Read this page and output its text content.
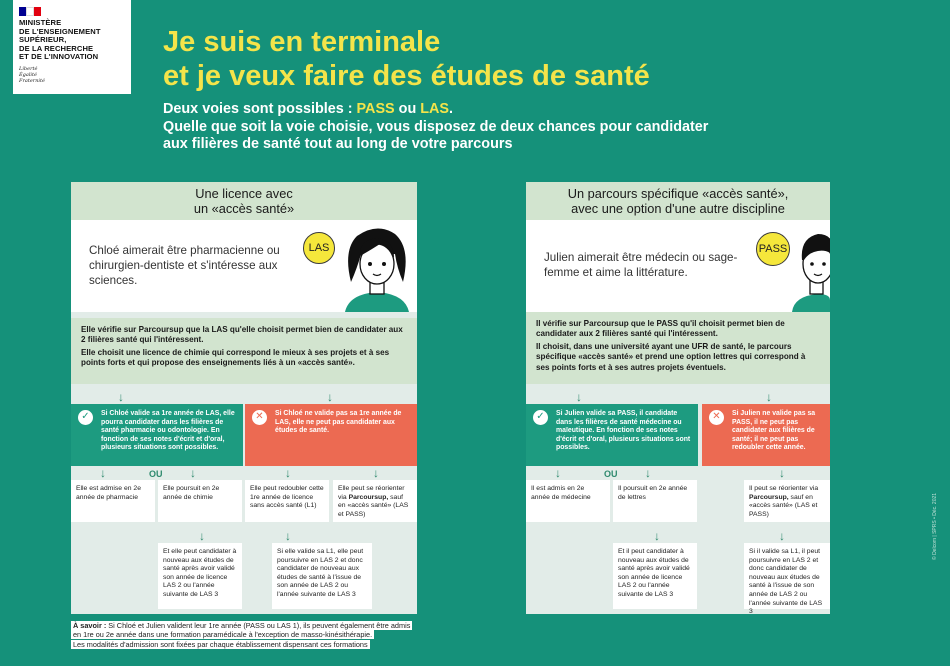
MINISTÈRE
DE L'ENSEIGNEMENT
SUPÉRIEUR,
DE LA RECHERCHE
ET DE L'INNOVATION
Liberté
Égalité
Fraternité
Je suis en terminale
et je veux faire des études de santé
Deux voies sont possibles : PASS ou LAS.
Quelle que soit la voie choisie, vous disposez de deux chances pour candidater
aux filières de santé tout au long de votre parcours
Une licence avec
un «accès santé»
Chloé aimerait être pharmacienne ou chirurgien-dentiste et s'intéresse aux sciences.
LAS

Elle vérifie sur Parcoursup que la LAS qu'elle choisit permet bien de candidater aux 2 filières santé qui l'intéressent.

Elle choisit une licence de chimie qui correspond le mieux à ses projets et à ses points forts et qui propose des enseignements liés à un «accès santé».

↓	↓
✓	Si Chloé valide sa 1re année de LAS, elle pourra candidater dans les filières de santé pharmacie ou odontologie. En fonction de ses notes d'écrit et d'oral, plusieurs situations sont possibles.
✕	Si Chloé ne valide pas sa 1re année de LAS, elle ne peut pas candidater aux études de santé.
↓	OU ↓	↓	↓
Elle est admise en 2e année de pharmacie
Elle poursuit en 2e année de chimie
Elle peut redoubler cette 1re année de licence sans accès santé (L1)
Elle peut se réorienter via Parcoursup, sauf en «accès santé» (LAS et PASS)
↓	↓
Et elle peut candidater à nouveau aux études de santé après avoir validé son année de licence LAS 2 ou l'année suivante de LAS 3
Si elle valide sa L1, elle peut poursuivre en LAS 2 et donc candidater de nouveau aux études de santé à l'issue de son année de LAS 2 ou l'année suivante de LAS 3
Un parcours spécifique «accès santé»,
avec une option d'une autre discipline
Julien aimerait être médecin ou sage-femme et aime la littérature.
PASS

Il vérifie sur Parcoursup que le PASS qu'il choisit permet bien de candidater aux 2 filières santé qui l'intéressent.

Il choisit, dans une université ayant une UFR de santé, le parcours spécifique «accès santé» et prend une option lettres qui correspond à ses points forts et à ses autres projets éventuels.

↓	↓
✓	Si Julien valide sa PASS, il candidate dans les filières de santé médecine ou maïeutique. En fonction de ses notes d'écrit et d'oral, plusieurs situations sont possibles.
✕	Si Julien ne valide pas sa PASS, il ne peut pas candidater aux filières de santé; il ne peut pas redoubler cette année.
↓	OU ↓	↓
Il est admis en 2e année de médecine
Il poursuit en 2e année de lettres
Il peut se réorienter via Parcoursup, sauf en «accès santé» (LAS et PASS)
↓	↓
Et il peut candidater à nouveau aux études de santé après avoir validé son année de licence LAS 2 ou l'année suivante de LAS 3
Si il valide sa L1, il peut poursuivre en LAS 2 et donc candidater de nouveau aux études de santé à l'issue de son année de LAS 2 ou l'année suivante de LAS 3
À savoir : Si Chloé et Julien valident leur 1re année (PASS ou LAS 1), ils peuvent également être admis
en 1re ou 2e année dans une formation paramédicale à l'exception de masso-kinésithérapie.
Les modalités d'admission sont fixées par chaque établissement dispensant ces formations
© Delcom | SPRS • Déc. 2021
